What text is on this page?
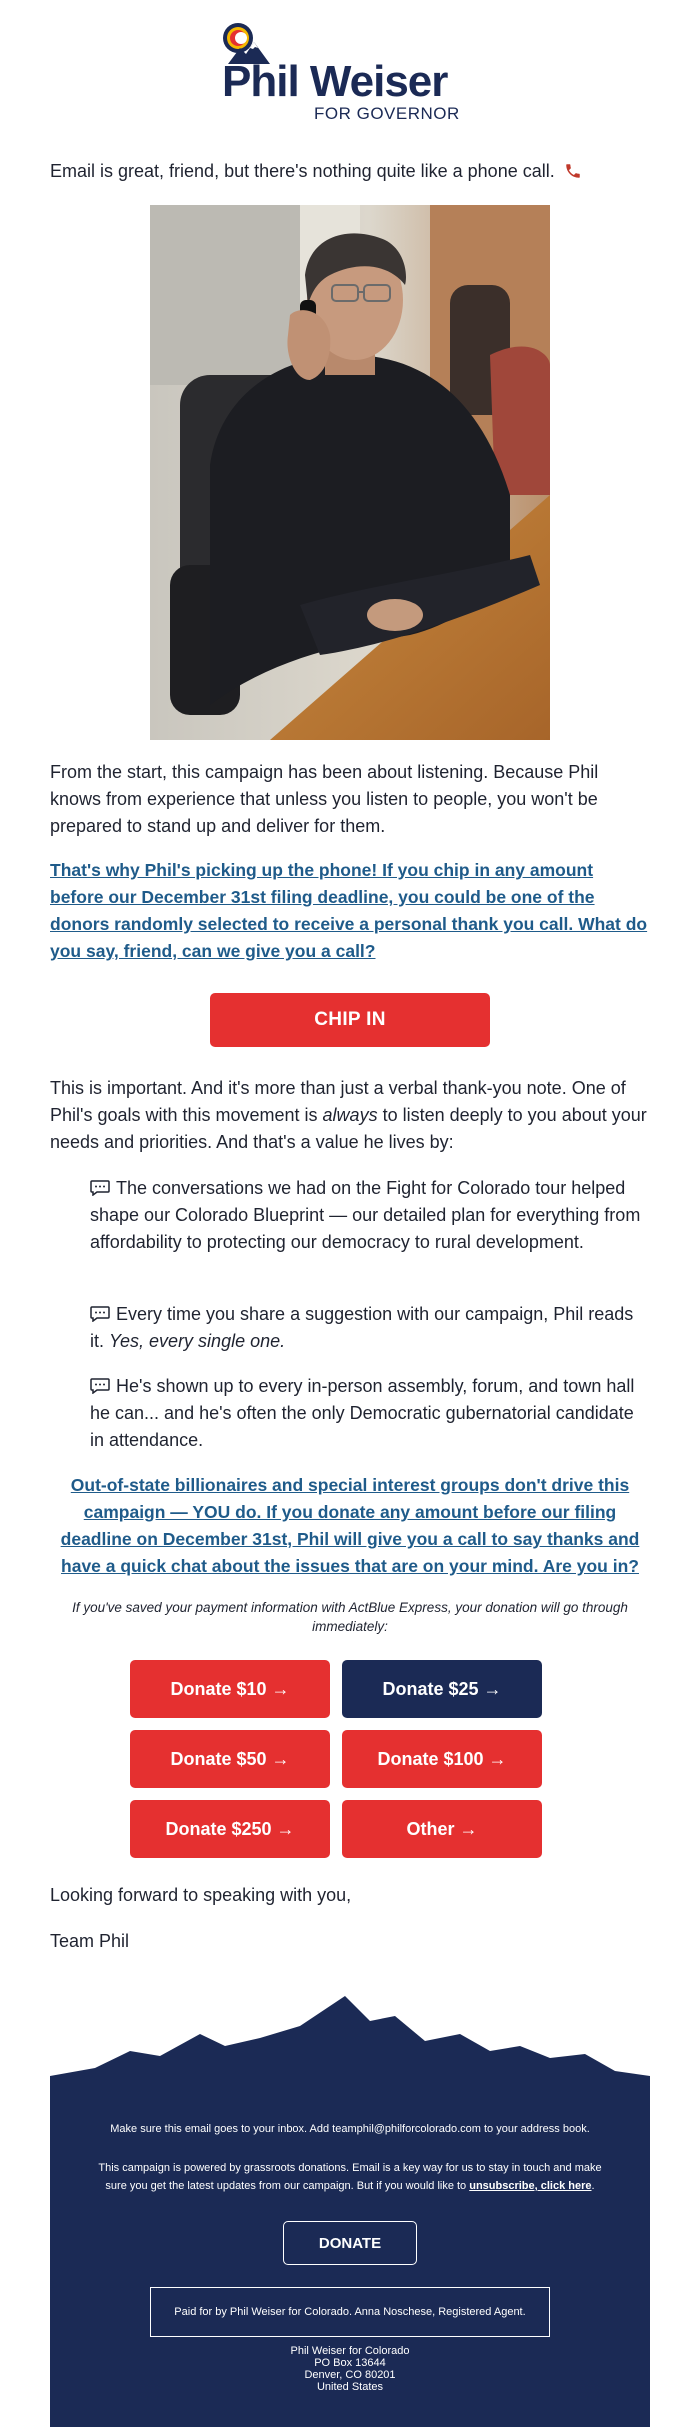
Phil Weiser
FOR GOVERNOR

Email is great, friend, but there's nothing quite like a phone call.

From the start, this campaign has been about listening. Because Phil knows from experience that unless you listen to people, you won't be prepared to stand up and deliver for them.

That's why Phil's picking up the phone! If you chip in any amount before our December 31st filing deadline, you could be one of the donors randomly selected to receive a personal thank you call. What do you say, friend, can we give you a call?
CHIP IN

This is important. And it's more than just a verbal thank-you note. One of Phil's goals with this movement is always to listen deeply to you about your needs and priorities. And that's a value he lives by:

The conversations we had on the Fight for Colorado tour helped shape our Colorado Blueprint — our detailed plan for everything from affordability to protecting our democracy to rural development.
Every time you share a suggestion with our campaign, Phil reads it. Yes, every single one.
He's shown up to every in-person assembly, forum, and town hall he can... and he's often the only Democratic gubernatorial candidate in attendance.
Out-of-state billionaires and special interest groups don't drive this campaign — YOU do. If you donate any amount before our filing deadline on December 31st, Phil will give you a call to say thanks and have a quick chat about the issues that are on your mind. Are you in?
If you've saved your payment information with ActBlue Express, your donation will go through immediately:
Donate $10 →	Donate $25 →
Donate $50 →	Donate $100 →
Donate $250 →	Other →

Looking forward to speaking with you,

Team Phil

Make sure this email goes to your inbox. Add teamphil@philforcolorado.com to your address book.
This campaign is powered by grassroots donations. Email is a key way for us to stay in touch and make sure you get the latest updates from our campaign. But if you would like to unsubscribe, click here.
DONATE
Paid for by Phil Weiser for Colorado. Anna Noschese, Registered Agent.
Phil Weiser for Colorado
PO Box 13644
Denver, CO 80201
United States
